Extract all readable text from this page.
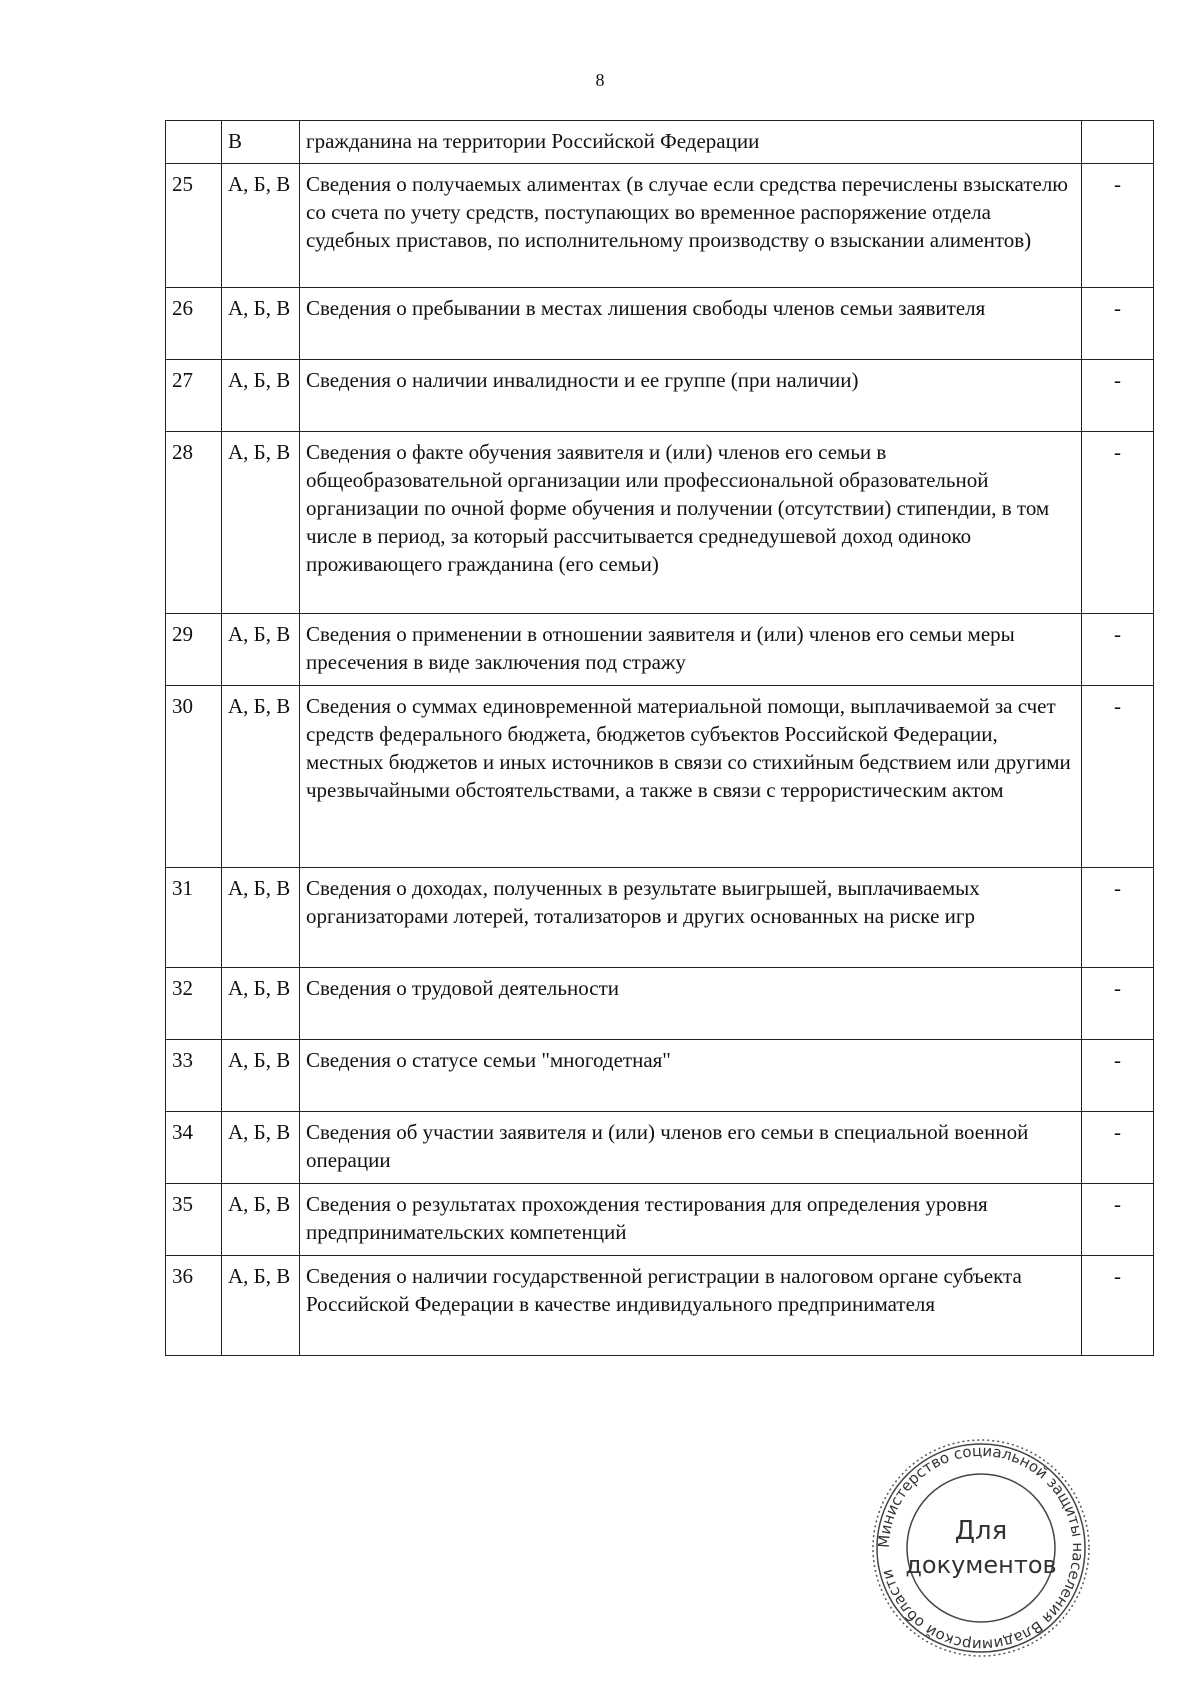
8
	В	гражданина на территории Российской Федерации	
25	А, Б, В	Сведения о получаемых алиментах (в случае если средства перечислены взыскателю со счета по учету средств, поступающих во временное распоряжение отдела судебных приставов, по исполнительному производству о взыскании алиментов)	-
26	А, Б, В	Сведения о пребывании в местах лишения свободы членов семьи заявителя	-
27	А, Б, В	Сведения о наличии инвалидности и ее группе (при наличии)	-
28	А, Б, В	Сведения о факте обучения заявителя и (или) членов его семьи в общеобразовательной организации или профессиональной образовательной организации по очной форме обучения и получении (отсутствии) стипендии, в том числе в период, за который рассчитывается среднедушевой доход одиноко проживающего гражданина (его семьи)	-
29	А, Б, В	Сведения о применении в отношении заявителя и (или) членов его семьи меры пресечения в виде заключения под стражу	-
30	А, Б, В	Сведения о суммах единовременной материальной помощи, выплачиваемой за счет средств федерального бюджета, бюджетов субъектов Российской Федерации, местных бюджетов и иных источников в связи со стихийным бедствием или другими чрезвычайными обстоятельствами, а также в связи с террористическим актом	-
31	А, Б, В	Сведения о доходах, полученных в результате выигрышей, выплачиваемых организаторами лотерей, тотализаторов и других основанных на риске игр	-
32	А, Б, В	Сведения о трудовой деятельности	-
33	А, Б, В	Сведения о статусе семьи "многодетная"	-
34	А, Б, В	Сведения об участии заявителя и (или) членов его семьи в специальной военной операции	-
35	А, Б, В	Сведения о результатах прохождения тестирования для определения уровня предпринимательских компетенций	-
36	А, Б, В	Сведения о наличии государственной регистрации в налоговом органе субъекта Российской Федерации в качестве индивидуального предпринимателя	-
Министерство социальной защиты населения Владимирской области
Для
документов
